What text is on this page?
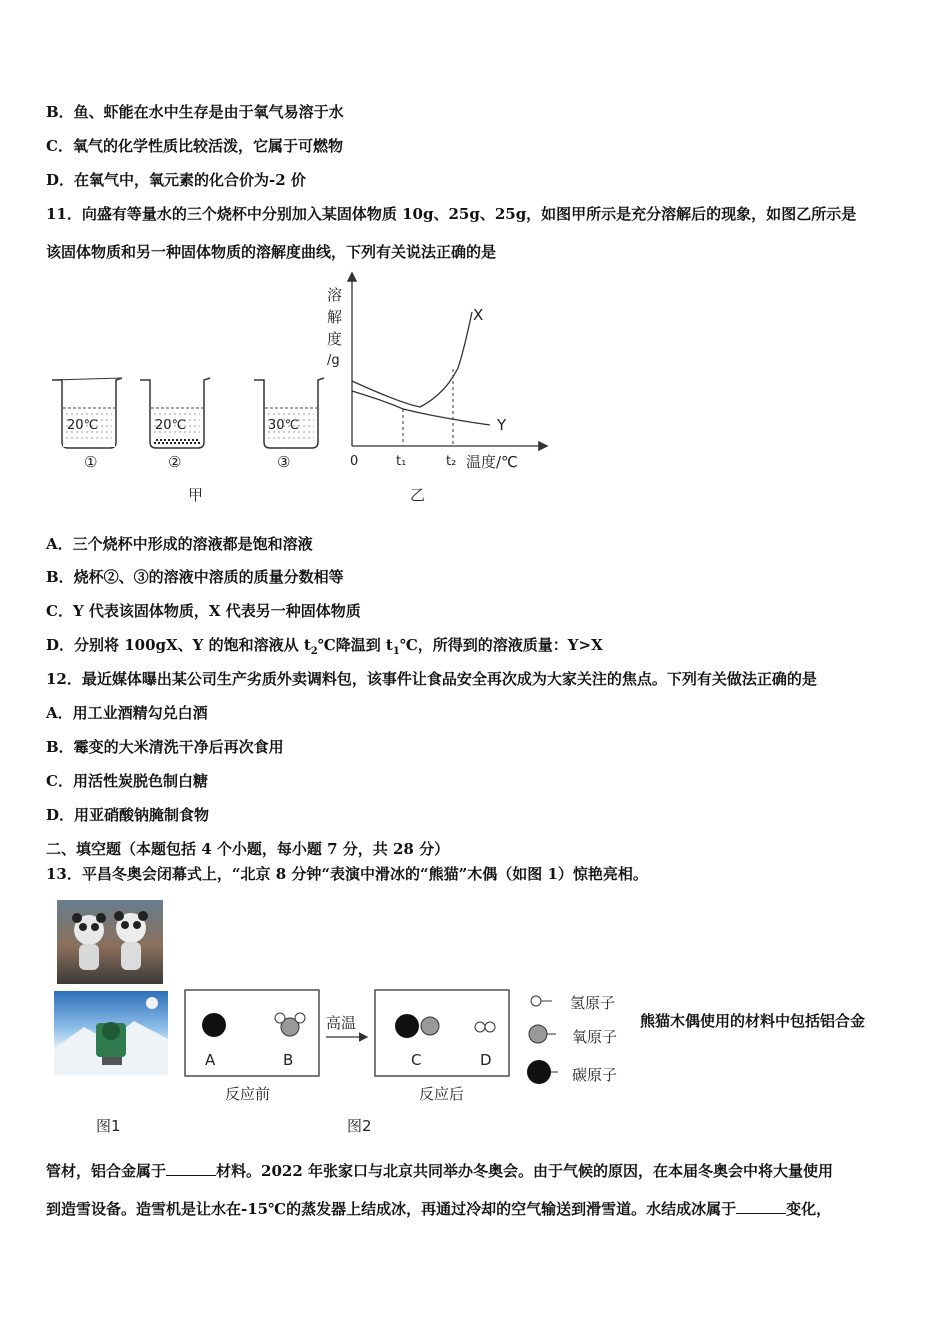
B．鱼、虾能在水中生存是由于氧气易溶于水
C．氧气的化学性质比较活泼，它属于可燃物
D．在氧气中，氧元素的化合价为-2 价
11．向盛有等量水的三个烧杯中分别加入某固体物质 10g、25g、25g，如图甲所示是充分溶解后的现象，如图乙所示是
该固体物质和另一种固体物质的溶解度曲线，下列有关说法正确的是
20℃	20℃	30℃
①	②	③
甲
溶
解
度
/g
X
Y
0	t₁	t₂ 温度/℃
乙
A．三个烧杯中形成的溶液都是饱和溶液
B．烧杯②、③的溶液中溶质的质量分数相等
C．Y 代表该固体物质，X 代表另一种固体物质
D．分别将 100gX、Y 的饱和溶液从 $t_2℃$降温到 $t_1℃$，所得到的溶液质量：Y>X
12．最近媒体曝出某公司生产劣质外卖调料包，该事件让食品安全再次成为大家关注的焦点。下列有关做法正确的是
A．用工业酒精勾兑白酒
B．霉变的大米清洗干净后再次食用
C．用活性炭脱色制白糖
D．用亚硝酸钠腌制食物
二、填空题（本题包括 4 个小题，每小题 7 分，共 28 分）
13．平昌冬奥会闭幕式上，“北京 8 分钟“表演中滑冰的“熊猫”木偶（如图 1）惊艳亮相。
图1
A	B	C	D
高温
反应前	反应后
氢原子
氧原子
碳原子
图2
熊猫木偶使用的材料中包括铝合金
管材，铝合金属于	材料。2022 年张家口与北京共同举办冬奥会。由于气候的原因，在本届冬奥会中将大量使用
到造雪设备。造雪机是让水在-15℃的蒸发器上结成冰，再通过冷却的空气输送到滑雪道。水结成冰属于	变化，
